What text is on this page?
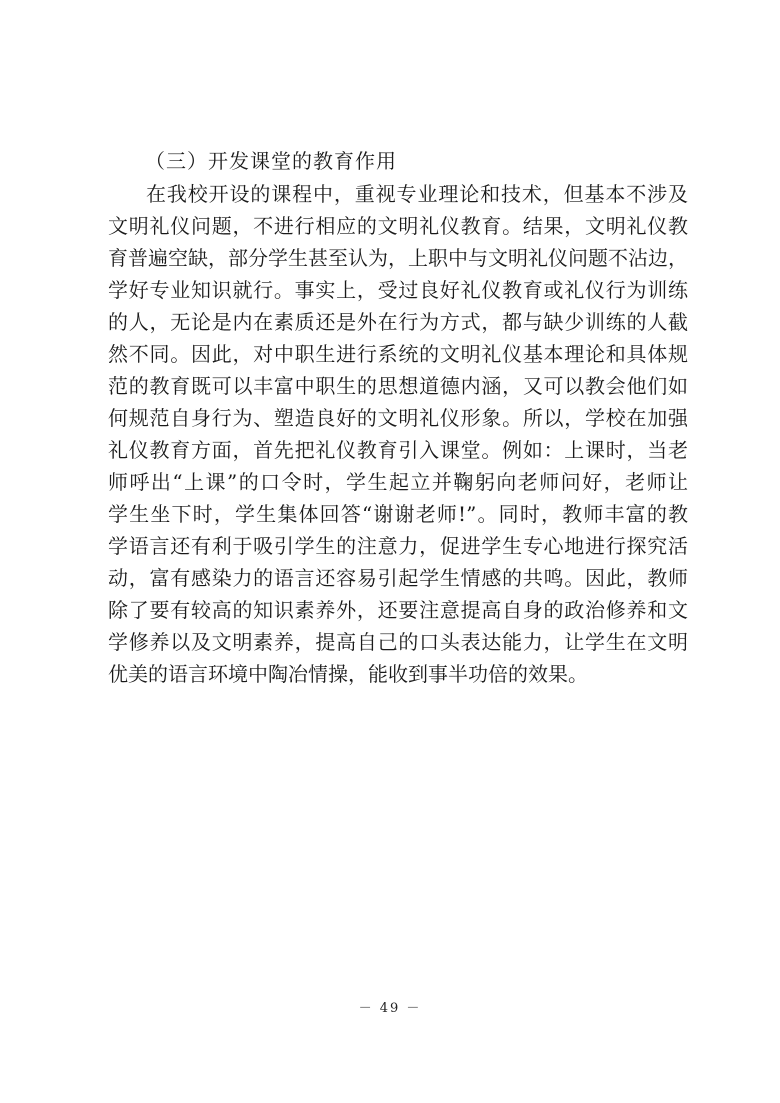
（三）开发课堂的教育作用
在我校开设的课程中，重视专业理论和技术，但基本不涉及
文明礼仪问题，不进行相应的文明礼仪教育。结果，文明礼仪教
育普遍空缺，部分学生甚至认为，上职中与文明礼仪问题不沾边，
学好专业知识就行。事实上，受过良好礼仪教育或礼仪行为训练
的人，无论是内在素质还是外在行为方式，都与缺少训练的人截
然不同。因此，对中职生进行系统的文明礼仪基本理论和具体规
范的教育既可以丰富中职生的思想道德内涵，又可以教会他们如
何规范自身行为、塑造良好的文明礼仪形象。所以，学校在加强
礼仪教育方面，首先把礼仪教育引入课堂。例如：上课时，当老
师呼出“上课”的口令时，学生起立并鞠躬向老师问好，老师让
学生坐下时，学生集体回答“谢谢老师!”。同时，教师丰富的教
学语言还有利于吸引学生的注意力，促进学生专心地进行探究活
动，富有感染力的语言还容易引起学生情感的共鸣。因此，教师
除了要有较高的知识素养外，还要注意提高自身的政治修养和文
学修养以及文明素养，提高自己的口头表达能力，让学生在文明
优美的语言环境中陶冶情操，能收到事半功倍的效果。
－ 49 －
